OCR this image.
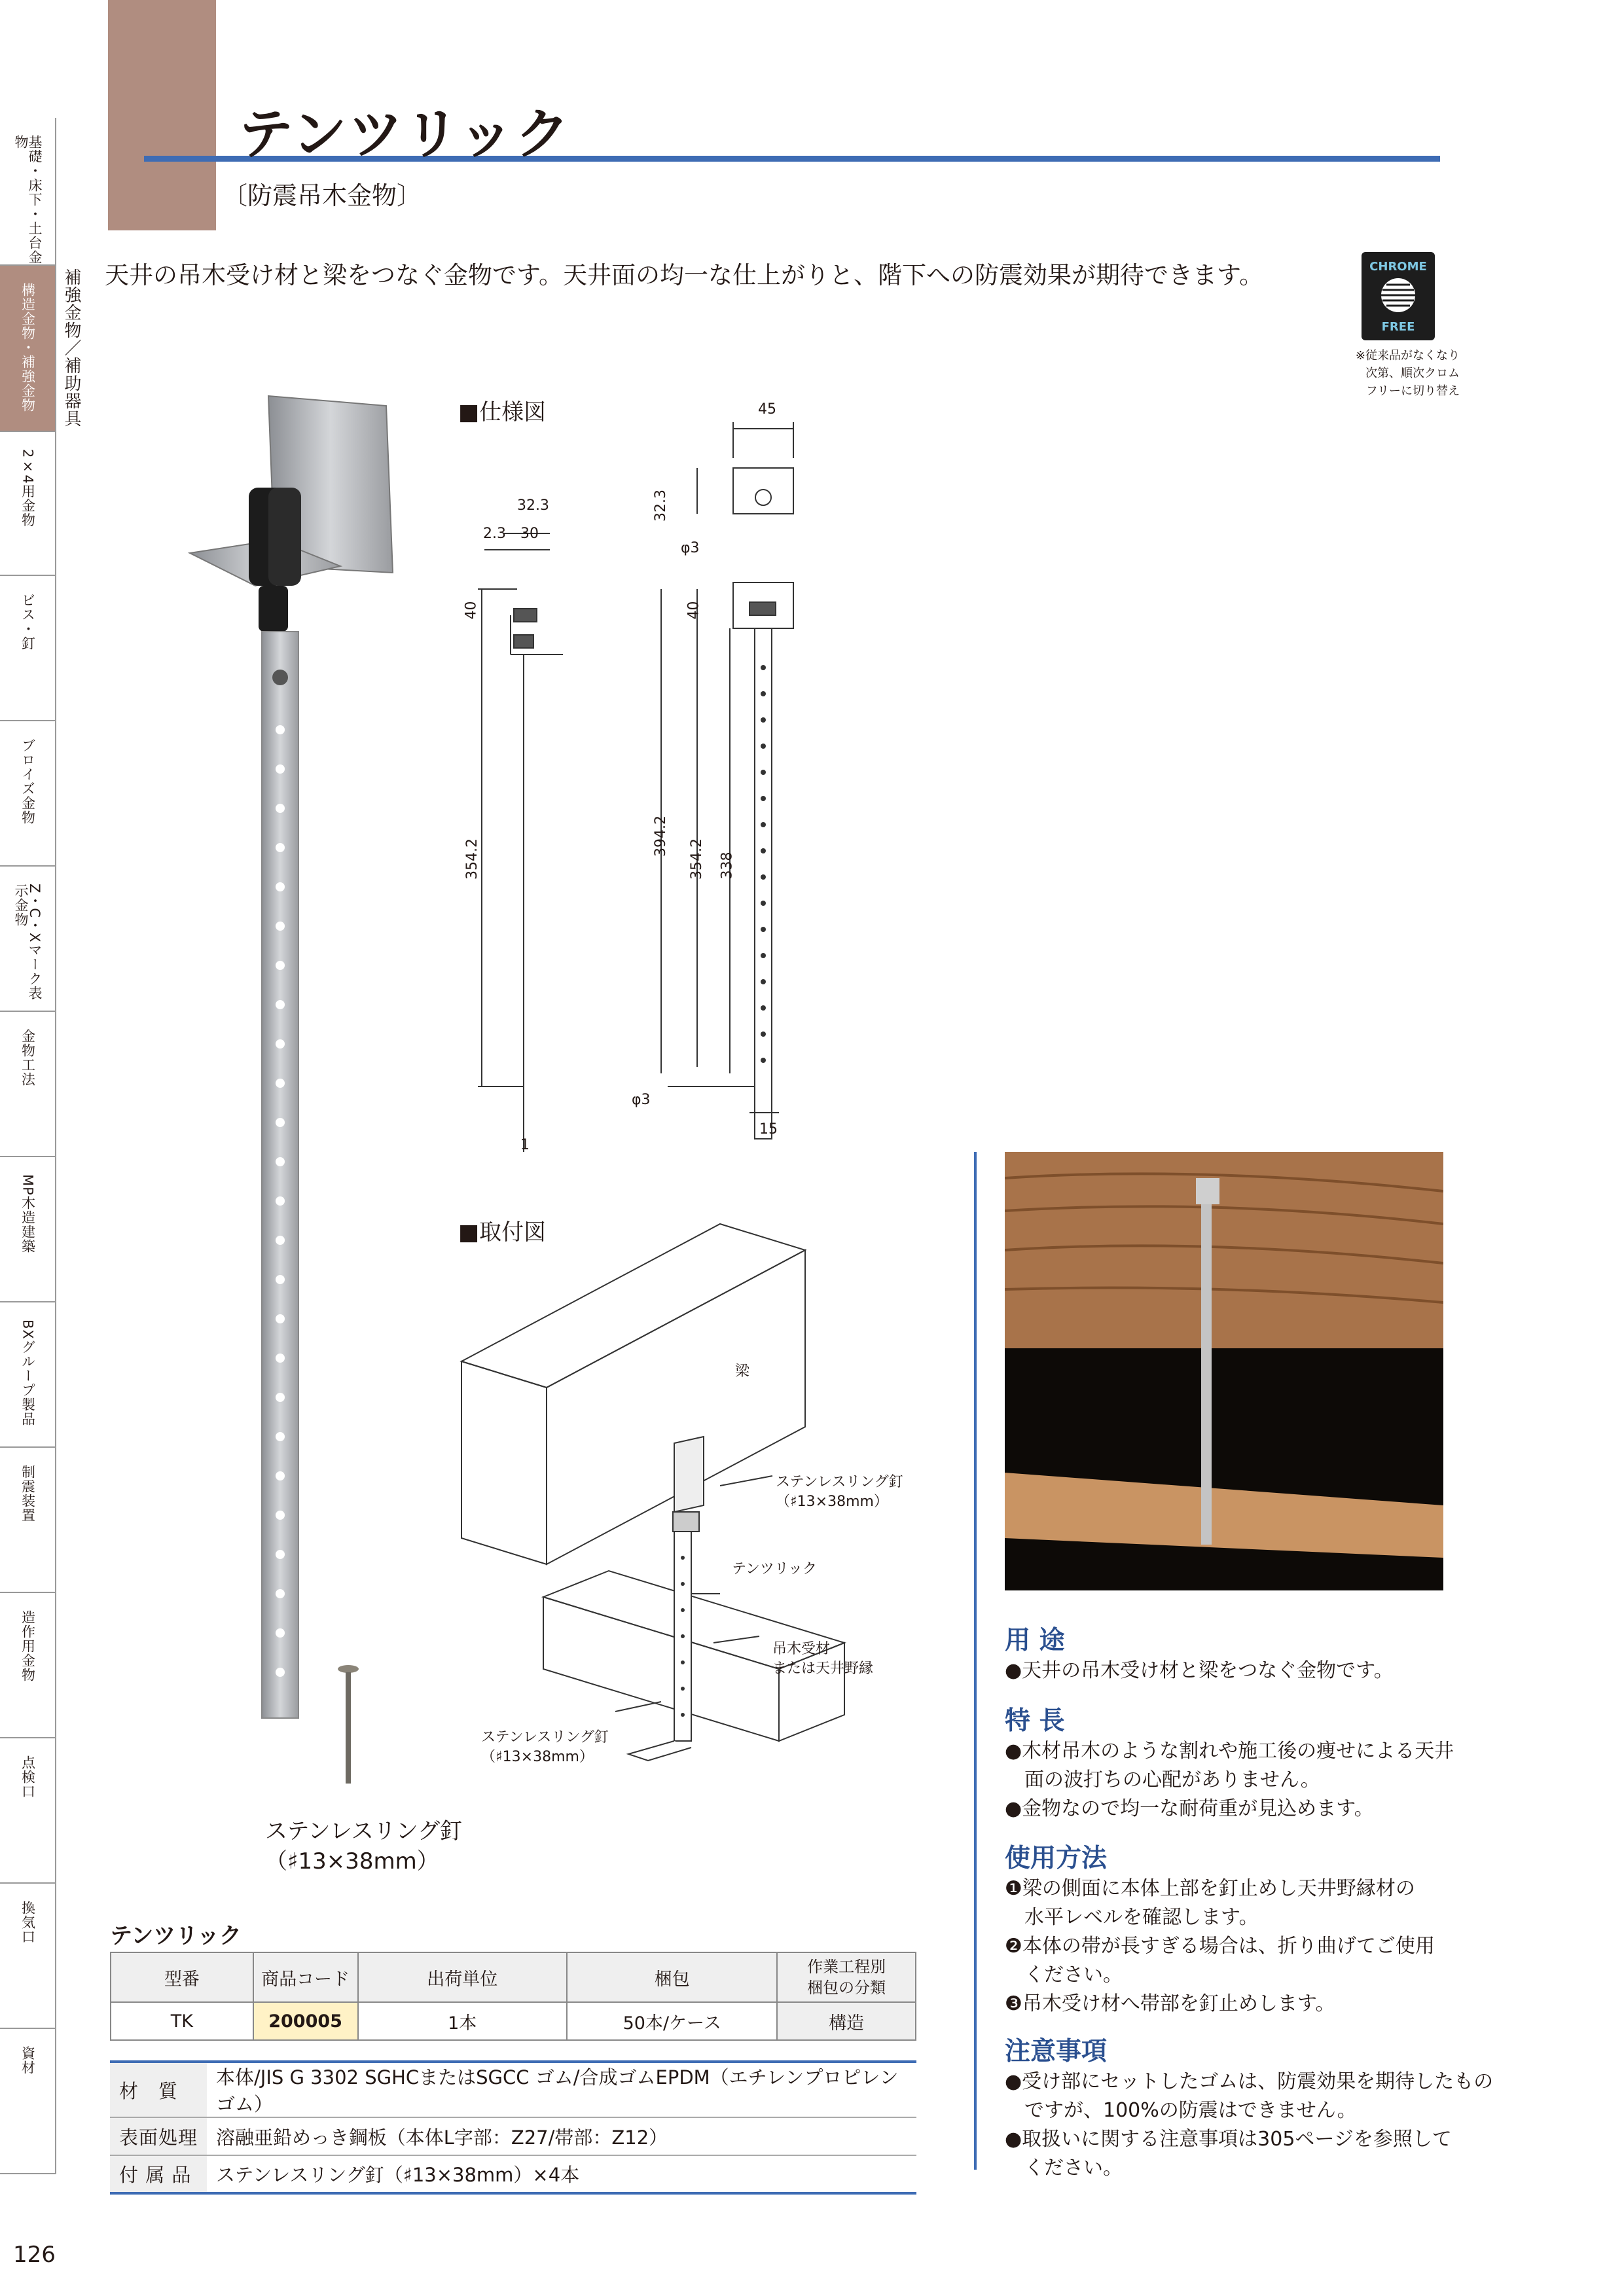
テンツリック
〔防震吊木金物〕
基礎・床下・土台金物
構造金物・補強金物
2×4用金物
ビス・釘
ブロイズ金物
Z・C・Xマーク表示金物
金物工法
MP木造建築
BXグループ製品
制震装置
造作用金物
点検口
換気口
資材
補強金物／補助器具 天井の吊木受け材と梁をつなぐ金物です。天井面の均一な仕上がりと、階下への防震効果が期待できます。	CHROME
FREE
※従来品がなくなり
次第、順次クロム
フリーに切り替え
ステンレスリング釘
（♯13×38mm）
■仕様図	45
32.3
32.3
2.3 30
40
φ3
40
354.2
394.2
354.2 338
φ3
1
15
■取付図
梁
ステンレスリング釘
（♯13×38mm）
テンツリック
吊木受材
または天井野縁
ステンレスリング釘
（♯13×38mm）
用 途
●天井の吊木受け材と梁をつなぐ金物です。
特 長
●木材吊木のような割れや施工後の痩せによる天井
面の波打ちの心配がありません。
●金物なので均一な耐荷重が見込めます。
使用方法
❶梁の側面に本体上部を釘止めし天井野縁材の
水平レベルを確認します。
❷本体の帯が長すぎる場合は、折り曲げてご使用
ください。
❸吊木受け材へ帯部を釘止めします。
注意事項
●受け部にセットしたゴムは、防震効果を期待したもの
ですが、100%の防震はできません。
●取扱いに関する注意事項は305ページを参照して
ください。
テンツリック
型番	商品コード	出荷単位	梱包	作業工程別
梱包の分類
TK	200005	1本	50本/ケース	構造
材　質	本体/JIS G 3302 SGHCまたはSGCC ゴム/合成ゴムEPDM（エチレンプロピレンゴム）
表面処理	溶融亜鉛めっき鋼板（本体L字部：Z27/帯部：Z12）
付 属 品	ステンレスリング釘（♯13×38mm）×4本
126
